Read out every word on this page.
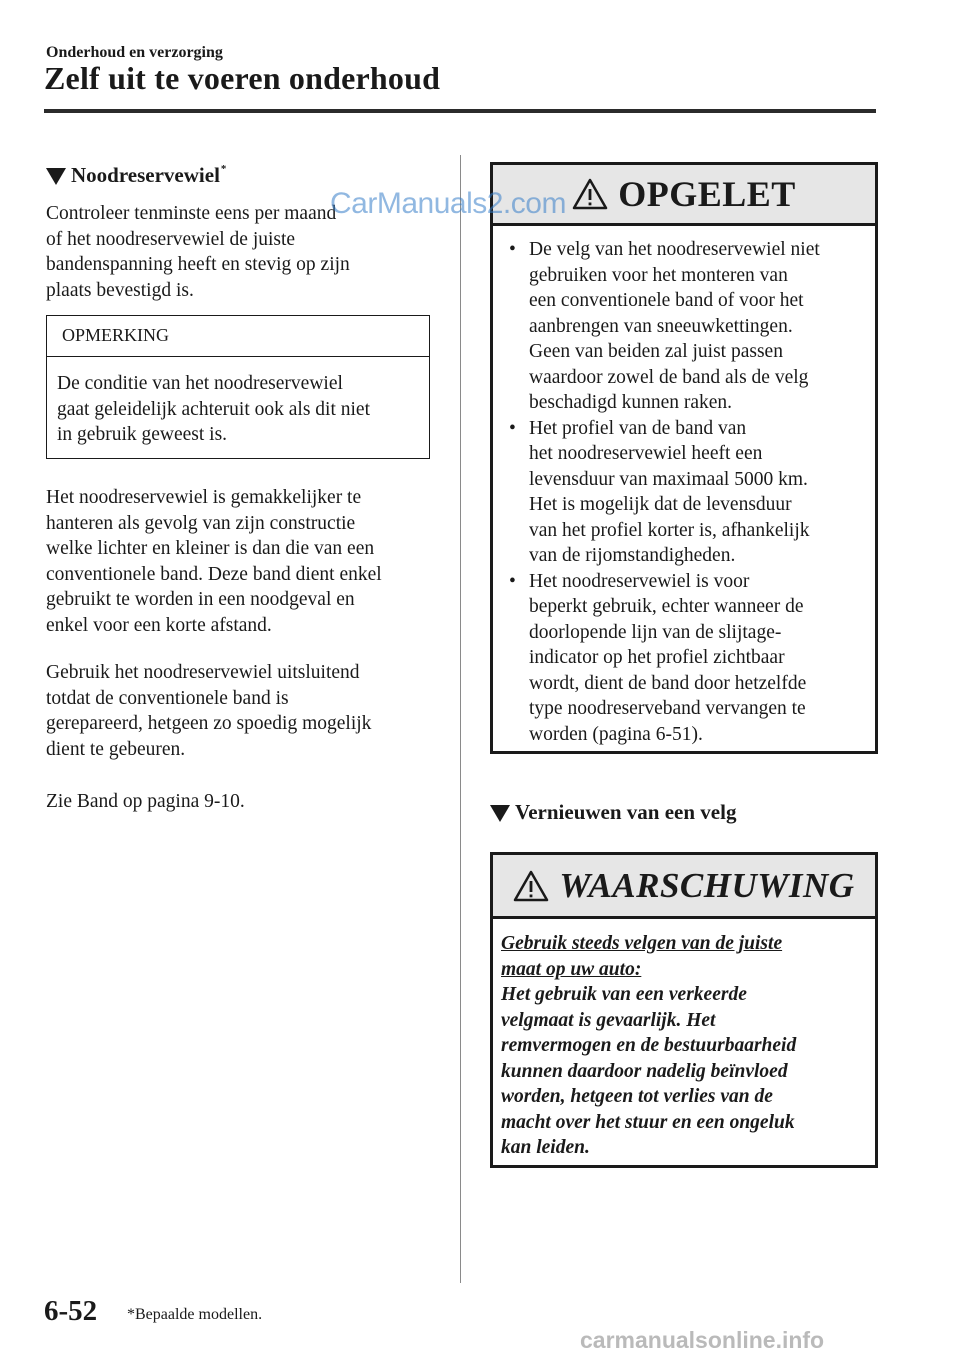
Onderhoud en verzorging
Zelf uit te voeren onderhoud
Noodreservewiel*
Controleer tenminste eens per maand
of het noodreservewiel de juiste
bandenspanning heeft en stevig op zijn
plaats bevestigd is.
OPMERKING
De conditie van het noodreservewiel
gaat geleidelijk achteruit ook als dit niet
in gebruik geweest is.
Het noodreservewiel is gemakkelijker te
hanteren als gevolg van zijn constructie
welke lichter en kleiner is dan die van een
conventionele band. Deze band dient enkel
gebruikt te worden in een noodgeval en
enkel voor een korte afstand.
Gebruik het noodreservewiel uitsluitend
totdat de conventionele band is
gerepareerd, hetgeen zo spoedig mogelijk
dient te gebeuren.
Zie Band op pagina 9-10.
OPGELET
• De velg van het noodreservewiel niet
gebruiken voor het monteren van
een conventionele band of voor het
aanbrengen van sneeuwkettingen.
Geen van beiden zal juist passen
waardoor zowel de band als de velg
beschadigd kunnen raken.
• Het profiel van de band van
het noodreservewiel heeft een
levensduur van maximaal 5000 km.
Het is mogelijk dat de levensduur
van het profiel korter is, afhankelijk
van de rijomstandigheden.
• Het noodreservewiel is voor
beperkt gebruik, echter wanneer de
doorlopende lijn van de slijtage-
indicator op het profiel zichtbaar
wordt, dient de band door hetzelfde
type noodreserveband vervangen te
worden (pagina 6-51).
Vernieuwen van een velg
WAARSCHUWING
Gebruik steeds velgen van de juiste
maat op uw auto:
Het gebruik van een verkeerde
velgmaat is gevaarlijk. Het
remvermogen en de bestuurbaarheid
kunnen daardoor nadelig beïnvloed
worden, hetgeen tot verlies van de
macht over het stuur en een ongeluk
kan leiden.
6-52 *Bepaalde modellen.
CarManuals2.com
carmanualsonline.info
